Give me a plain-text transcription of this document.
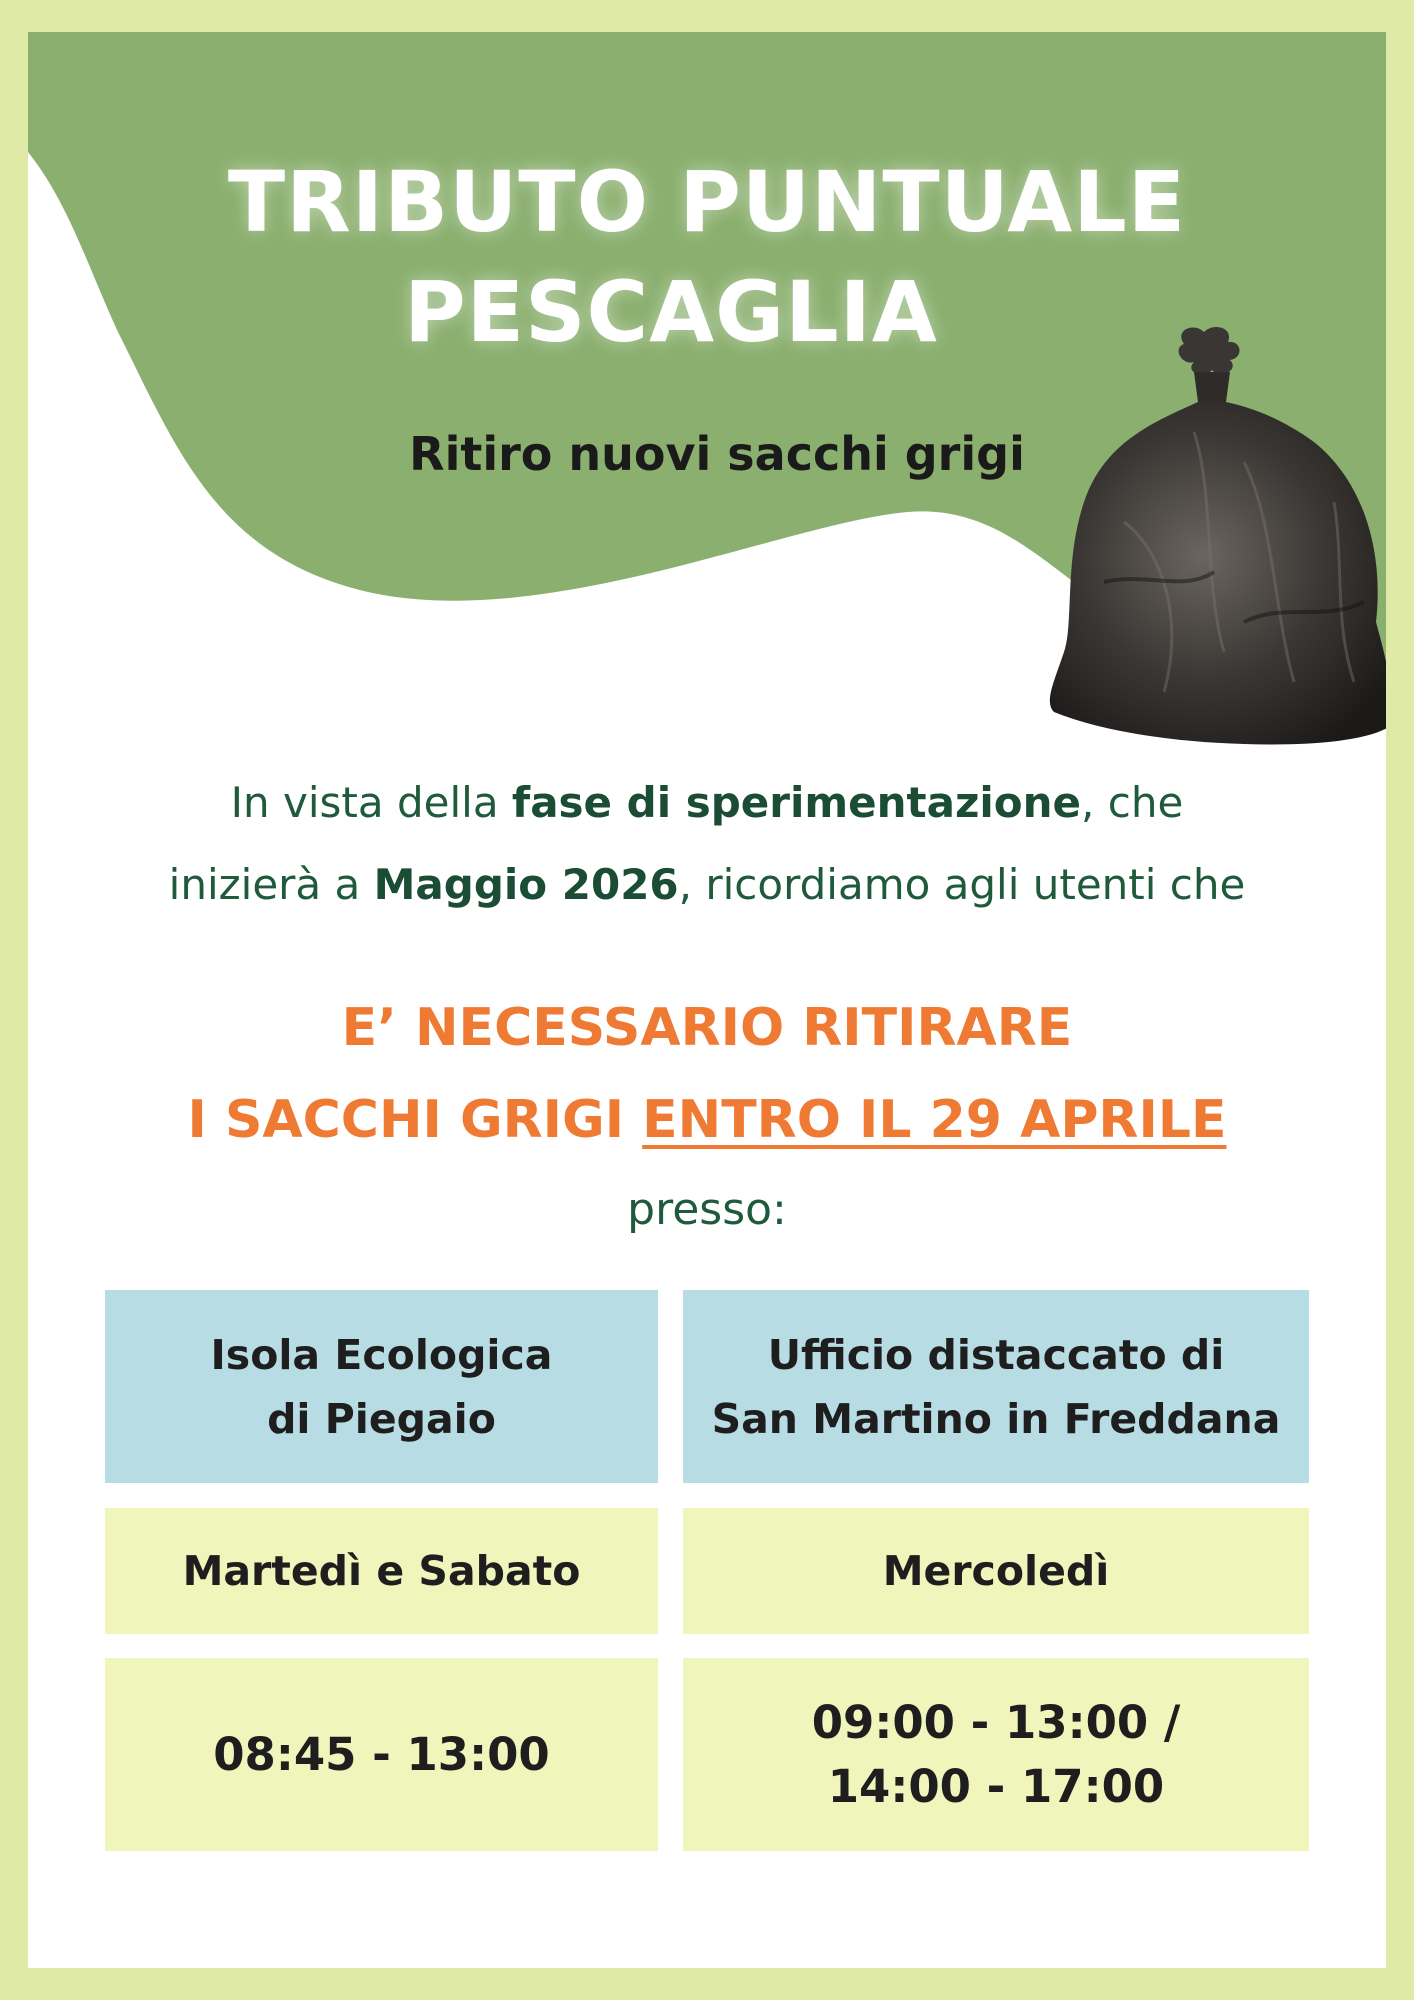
TRIBUTO PUNTUALE
PESCAGLIA
Ritiro nuovi sacchi grigi
In vista della fase di sperimentazione, che
inizierà a Maggio 2026, ricordiamo agli utenti che
E’ NECESSARIO RITIRARE
I SACCHI GRIGI ENTRO IL 29 APRILE
presso:
Isola Ecologica
di Piegaio
Ufficio distaccato di
San Martino in Freddana
Martedì e Sabato	Mercoledì
08:45 - 13:00
09:00 - 13:00 /
14:00 - 17:00
